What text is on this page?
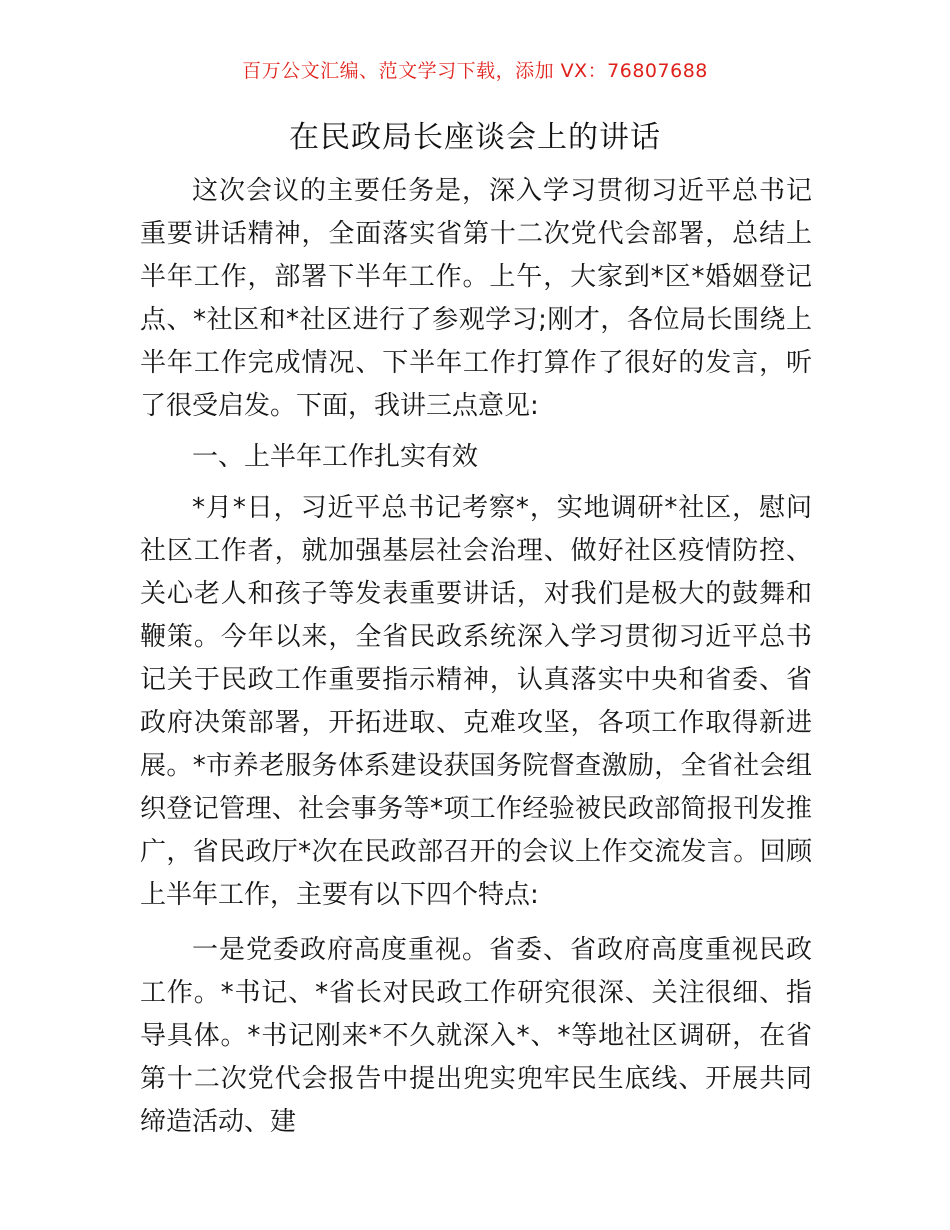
百万公文汇编、范文学习下载，添加 VX：76807688
在民政局长座谈会上的讲话

这次会议的主要任务是，深入学习贯彻习近平总书记重要讲话精神，全面落实省第十二次党代会部署，总结上半年工作，部署下半年工作。上午，大家到*区*婚姻登记点、*社区和*社区进行了参观学习;刚才，各位局长围绕上半年工作完成情况、下半年工作打算作了很好的发言，听了很受启发。下面，我讲三点意见:

一、上半年工作扎实有效

*月*日，习近平总书记考察*，实地调研*社区，慰问社区工作者，就加强基层社会治理、做好社区疫情防控、关心老人和孩子等发表重要讲话，对我们是极大的鼓舞和鞭策。今年以来，全省民政系统深入学习贯彻习近平总书记关于民政工作重要指示精神，认真落实中央和省委、省政府决策部署，开拓进取、克难攻坚，各项工作取得新进展。*市养老服务体系建设获国务院督查激励，全省社会组织登记管理、社会事务等*项工作经验被民政部简报刊发推广，省民政厅*次在民政部召开的会议上作交流发言。回顾上半年工作，主要有以下四个特点:

一是党委政府高度重视。省委、省政府高度重视民政工作。*书记、*省长对民政工作研究很深、关注很细、指导具体。*书记刚来*不久就深入*、*等地社区调研，在省第十二次党代会报告中提出兜实兜牢民生底线、开展共同缔造活动、建
